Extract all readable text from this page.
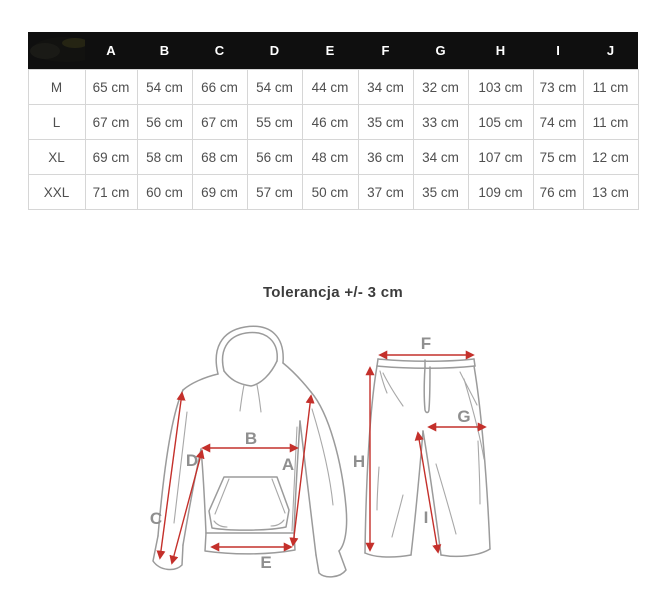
	A	B	C	D	E	F	G	H	I	J

M	65 cm	54 cm	66 cm	54 cm	44 cm	34 cm	32 cm	103 cm	73 cm	11 cm
L	67 cm	56 cm	67 cm	55 cm	46 cm	35 cm	33 cm	105 cm	74 cm	11 cm
XL	69 cm	58 cm	68 cm	56 cm	48 cm	36 cm	34 cm	107 cm	75 cm	12 cm
XXL	71 cm	60 cm	69 cm	57 cm	50 cm	37 cm	35 cm	109 cm	76 cm	13 cm
Tolerancja +/- 3 cm
A
B
C
D
E
F
G
H
I
